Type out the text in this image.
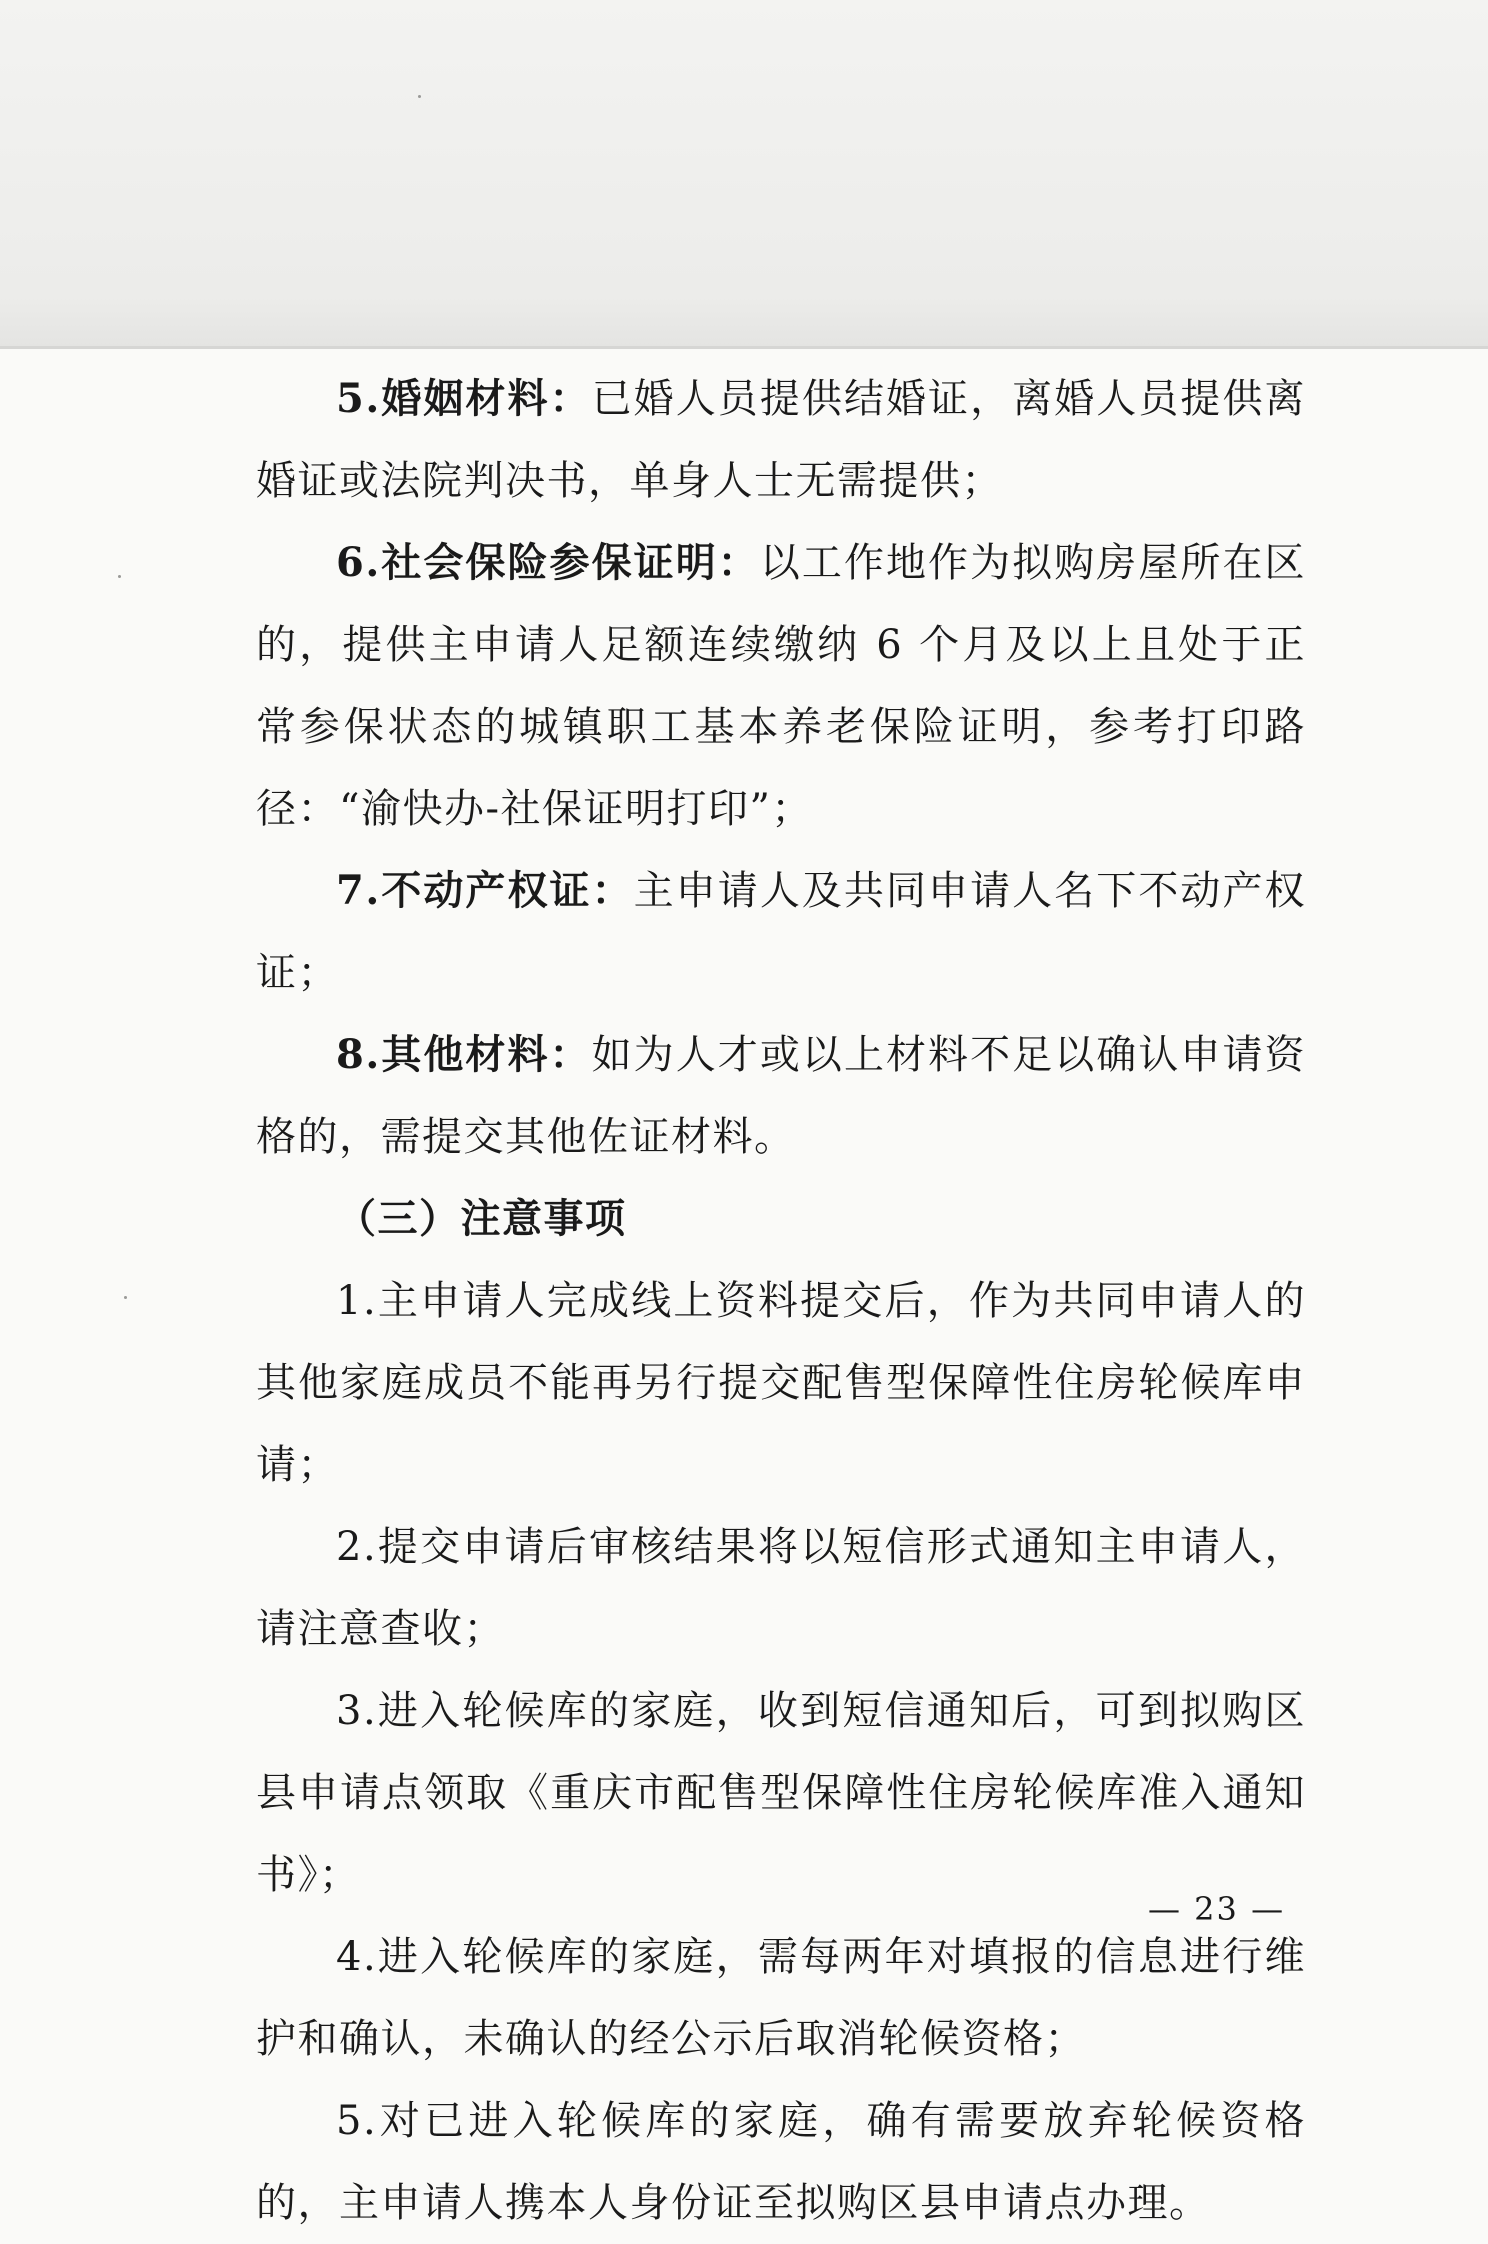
5.婚姻材料：已婚人员提供结婚证，离婚人员提供离婚证或法院判决书，单身人士无需提供；

6.社会保险参保证明：以工作地作为拟购房屋所在区的，提供主申请人足额连续缴纳 6 个月及以上且处于正常参保状态的城镇职工基本养老保险证明，参考打印路径：“渝快办-社保证明打印”；

7.不动产权证：主申请人及共同申请人名下不动产权证；

8.其他材料：如为人才或以上材料不足以确认申请资格的，需提交其他佐证材料。

（三）注意事项

1.主申请人完成线上资料提交后，作为共同申请人的其他家庭成员不能再另行提交配售型保障性住房轮候库申请；

2.提交申请后审核结果将以短信形式通知主申请人，请注意查收；

3.进入轮候库的家庭，收到短信通知后，可到拟购区县申请点领取《重庆市配售型保障性住房轮候库准入通知书》；

4.进入轮候库的家庭，需每两年对填报的信息进行维护和确认，未确认的经公示后取消轮候资格；

5.对已进入轮候库的家庭，确有需要放弃轮候资格的，主申请人携本人身份证至拟购区县申请点办理。

— 23 —
